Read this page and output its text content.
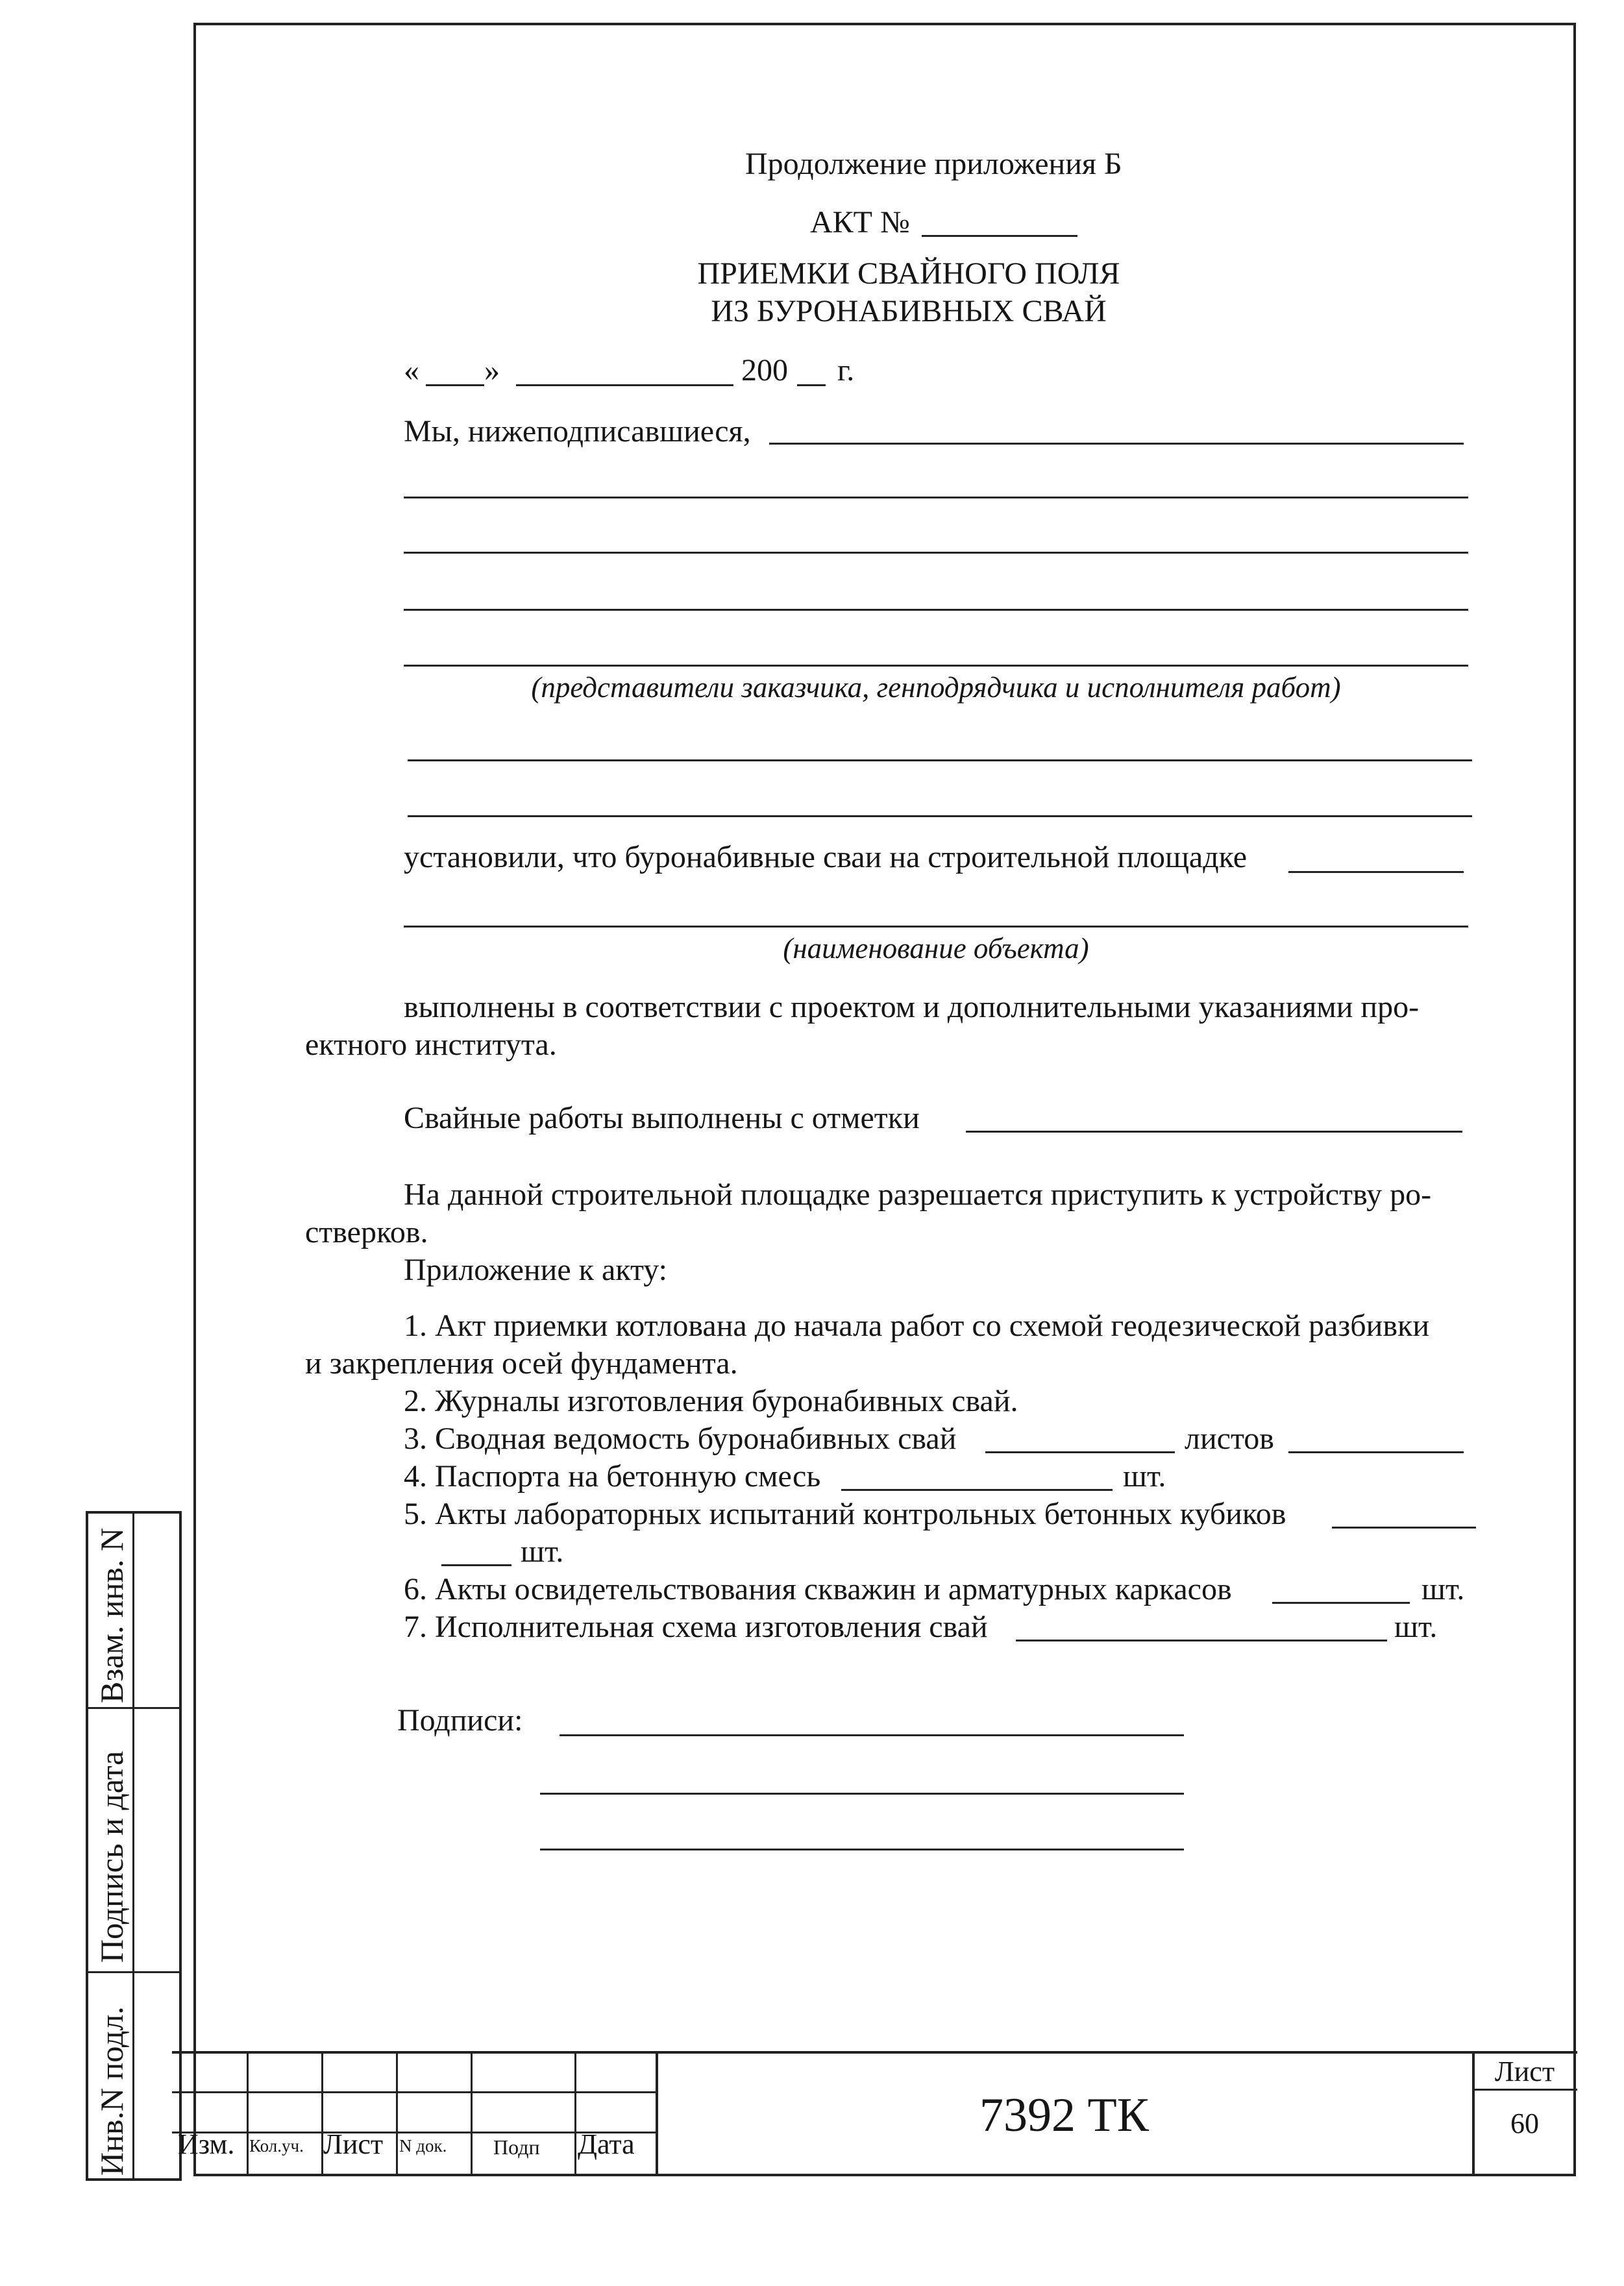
Продолжение приложения Б
АКТ №
ПРИЕМКИ СВАЙНОГО ПОЛЯ
ИЗ БУРОНАБИВНЫХ СВАЙ
« »	200 г.
Мы, нижеподписавшиеся,
(представители заказчика, генподрядчика и исполнителя работ)
установили, что буронабивные сваи на строительной площадке
(наименование объекта)
выполнены в соответствии с проектом и дополнительными указаниями про-
ектного института.
Свайные работы выполнены с отметки
На данной строительной площадке разрешается приступить к устройству ро-
стверков.
Приложение к акту:
1. Акт приемки котлована до начала работ со схемой геодезической разбивки
и закрепления осей фундамента.
2. Журналы изготовления буронабивных свай.
3. Сводная ведомость буронабивных свай	листов
4. Паспорта на бетонную смесь	шт.
5. Акты лабораторных испытаний контрольных бетонных кубиков
шт.
6. Акты освидетельствования скважин и арматурных каркасов	шт.
7. Исполнительная схема изготовления свай	шт.
Подписи:
Инв.N подл.
Подпись и дата
Взам. инв. N
Изм. Кол.уч. Лист N док. Подп Дата
7392 ТК
Лист
60
